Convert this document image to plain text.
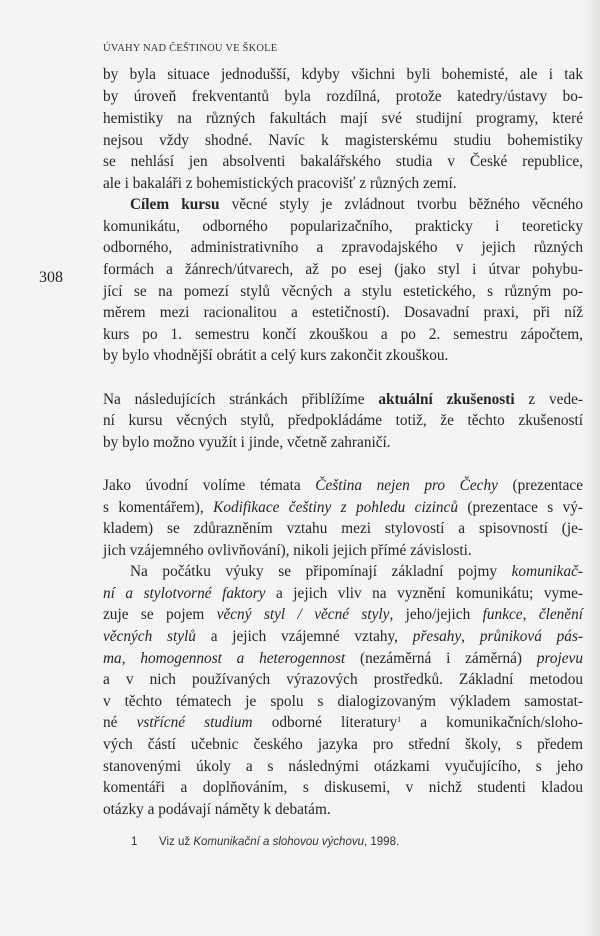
ÚVAHY NAD ČEŠTINOU VE ŠKOLE
308
by byla situace jednodušší, kdyby všichni byli bohemisté, ale i tak
by úroveň frekventantů byla rozdílná, protože katedry/ústavy bo-
hemistiky na různých fakultách mají své studijní programy, které
nejsou vždy shodné. Navíc k magisterskému studiu bohemistiky
se nehlásí jen absolventi bakalářského studia v České republice,
ale i bakaláři z bohemistických pracovišť z různých zemí.
Cílem kursu věcné styly je zvládnout tvorbu běžného věcného
komunikátu, odborného popularizačního, prakticky i teoreticky
odborného, administrativního a zpravodajského v jejich různých
formách a žánrech/útvarech, až po esej (jako styl i útvar pohybu-
jící se na pomezí stylů věcných a stylu estetického, s různým po-
měrem mezi racionalitou a estetičností). Dosavadní praxi, při níž
kurs po 1. semestru končí zkouškou a po 2. semestru zápočtem,
by bylo vhodnější obrátit a celý kurs zakončit zkouškou.
Na následujících stránkách přiblížíme aktuální zkušenosti z vede-
ní kursu věcných stylů, předpokládáme totiž, že těchto zkušeností
by bylo možno využít i jinde, včetně zahraničí.
Jako úvodní volíme témata Čeština nejen pro Čechy (prezentace
s komentářem), Kodifikace češtiny z pohledu cizinců (prezentace s vý-
kladem) se zdůrazněním vztahu mezi stylovostí a spisovností (je-
jich vzájemného ovlivňování), nikoli jejich přímé závislosti.
Na počátku výuky se připomínají základní pojmy komunikač-
ní a stylotvorné faktory a jejich vliv na vyznění komunikátu; vyme-
zuje se pojem věcný styl / věcné styly, jeho/jejich funkce, členění
věcných stylů a jejich vzájemné vztahy, přesahy, průniková pás-
ma, homogennost a heterogennost (nezáměrná i záměrná) projevu
a v nich používaných výrazových prostředků. Základní metodou
v těchto tématech je spolu s dialogizovaným výkladem samostat-
né vstřícné studium odborné literatury$^1$ a komunikačních/sloho-
vých částí učebnic českého jazyka pro střední školy, s předem
stanovenými úkoly a s následnými otázkami vyučujícího, s jeho
komentáři a doplňováním, s diskusemi, v nichž studenti kladou
otázky a podávají náměty k debatám.
1 Viz už Komunikační a slohovou výchovu, 1998.
